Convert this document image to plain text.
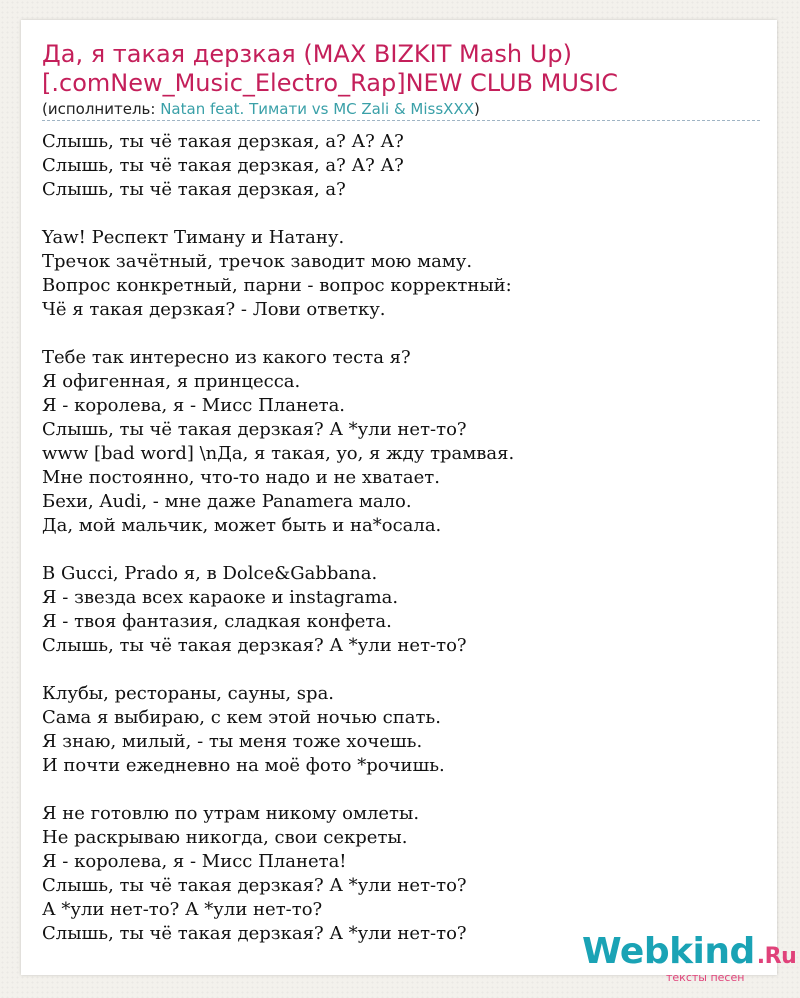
Да, я такая дерзкая (MAX BIZKIT Mash Up)
[.comNew_Music_Electro_Rap]NEW CLUB MUSIC
(исполнитель: Natan feat. Тимати vs MC Zali & MissXXX)
Слышь, ты чё такая дерзкая, а? А? А?
Слышь, ты чё такая дерзкая, а? А? А?
Слышь, ты чё такая дерзкая, а?
Yaw! Респект Тиману и Натану.
Тречок зачётный, тречок заводит мою маму.
Вопрос конкретный, парни - вопрос корректный:
Чё я такая дерзкая? - Лови ответку.
Тебе так интересно из какого теста я?
Я офигенная, я принцесса.
Я - королева, я - Мисс Планета.
Слышь, ты чё такая дерзкая? А *ули нет-то?
www [bad word] \nДа, я такая, yo, я жду трамвая.
Мне постоянно, что-то надо и не хватает.
Бехи, Audi, - мне даже Panamera мало.
Да, мой мальчик, может быть и на*осала.
В Gucci, Prado я, в Dolce&Gabbana.
Я - звезда всех караоке и instagrama.
Я - твоя фантазия, сладкая конфета.
Слышь, ты чё такая дерзкая? А *ули нет-то?
Клубы, рестораны, сауны, spa.
Сама я выбираю, с кем этой ночью спать.
Я знаю, милый, - ты меня тоже хочешь.
И почти ежедневно на моё фото *рочишь.
Я не готовлю по утрам никому омлеты.
Не раскрываю никогда, свои секреты.
Я - королева, я - Мисс Планета!
Слышь, ты чё такая дерзкая? А *ули нет-то?
А *ули нет-то? А *ули нет-то?
Слышь, ты чё такая дерзкая? А *ули нет-то?	Webkind.Ru
тексты песен
